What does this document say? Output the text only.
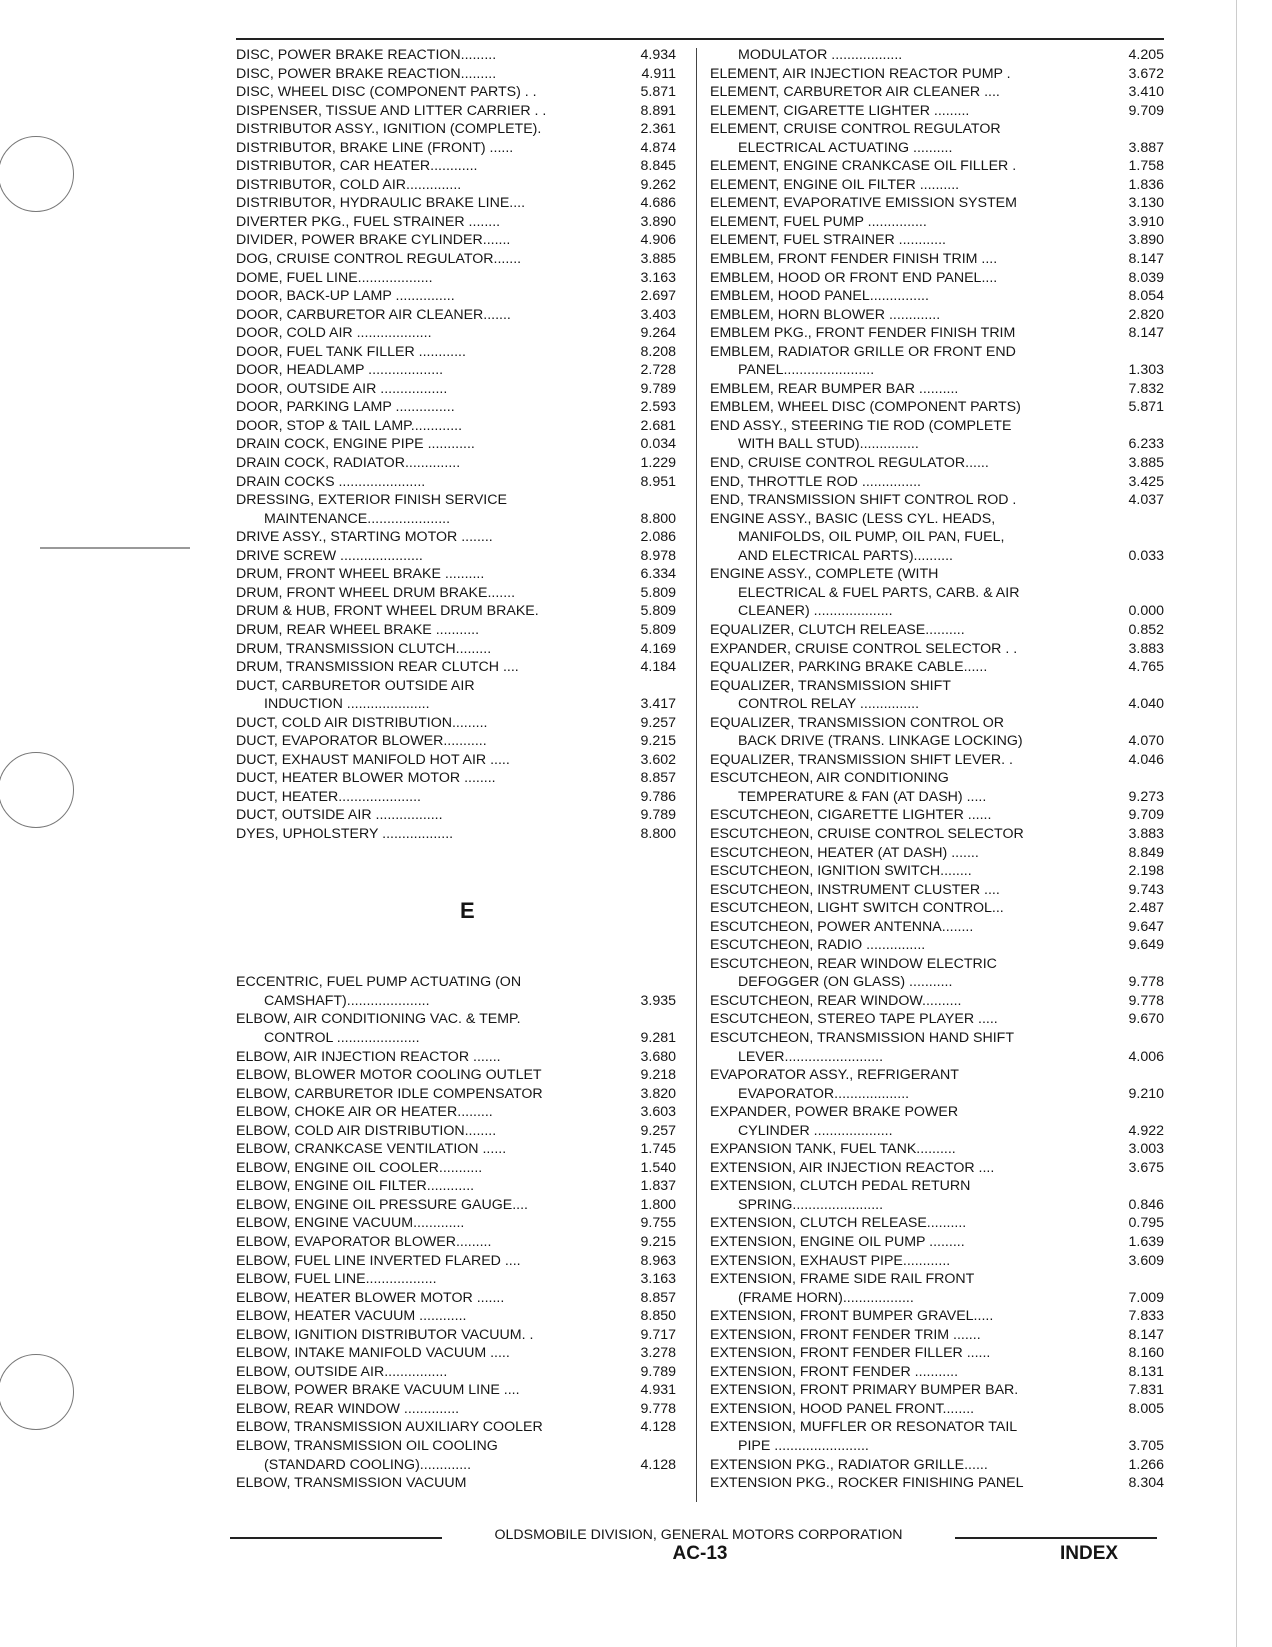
DISC, POWER BRAKE REACTION.........	4.934
DISC, POWER BRAKE REACTION.........	4.911
DISC, WHEEL DISC (COMPONENT PARTS) . .	5.871
DISPENSER, TISSUE AND LITTER CARRIER . .	8.891
DISTRIBUTOR ASSY., IGNITION (COMPLETE).	2.361
DISTRIBUTOR, BRAKE LINE (FRONT) ......	4.874
DISTRIBUTOR, CAR HEATER............	8.845
DISTRIBUTOR, COLD AIR..............	9.262
DISTRIBUTOR, HYDRAULIC BRAKE LINE....	4.686
DIVERTER PKG., FUEL STRAINER ........	3.890
DIVIDER, POWER BRAKE CYLINDER.......	4.906
DOG, CRUISE CONTROL REGULATOR.......	3.885
DOME, FUEL LINE...................	3.163
DOOR, BACK-UP LAMP ...............	2.697
DOOR, CARBURETOR AIR CLEANER.......	3.403
DOOR, COLD AIR ...................	9.264
DOOR, FUEL TANK FILLER ............	8.208
DOOR, HEADLAMP ...................	2.728
DOOR, OUTSIDE AIR .................	9.789
DOOR, PARKING LAMP ...............	2.593
DOOR, STOP & TAIL LAMP.............	2.681
DRAIN COCK, ENGINE PIPE ............	0.034
DRAIN COCK, RADIATOR..............	1.229
DRAIN COCKS ......................	8.951
DRESSING, EXTERIOR FINISH SERVICE
MAINTENANCE.....................	8.800
DRIVE ASSY., STARTING MOTOR ........	2.086
DRIVE SCREW .....................	8.978
DRUM, FRONT WHEEL BRAKE ..........	6.334
DRUM, FRONT WHEEL DRUM BRAKE.......	5.809
DRUM & HUB, FRONT WHEEL DRUM BRAKE.	5.809
DRUM, REAR WHEEL BRAKE ...........	5.809
DRUM, TRANSMISSION CLUTCH.........	4.169
DRUM, TRANSMISSION REAR CLUTCH ....	4.184
DUCT, CARBURETOR OUTSIDE AIR
INDUCTION .....................	3.417
DUCT, COLD AIR DISTRIBUTION.........	9.257
DUCT, EVAPORATOR BLOWER...........	9.215
DUCT, EXHAUST MANIFOLD HOT AIR .....	3.602
DUCT, HEATER BLOWER MOTOR ........	8.857
DUCT, HEATER.....................	9.786
DUCT, OUTSIDE AIR .................	9.789
DYES, UPHOLSTERY ..................	8.800
ECCENTRIC, FUEL PUMP ACTUATING (ON
CAMSHAFT).....................	3.935
ELBOW, AIR CONDITIONING VAC. & TEMP.
CONTROL .....................	9.281
ELBOW, AIR INJECTION REACTOR .......	3.680
ELBOW, BLOWER MOTOR COOLING OUTLET	9.218
ELBOW, CARBURETOR IDLE COMPENSATOR	3.820
ELBOW, CHOKE AIR OR HEATER.........	3.603
ELBOW, COLD AIR DISTRIBUTION........	9.257
ELBOW, CRANKCASE VENTILATION ......	1.745
ELBOW, ENGINE OIL COOLER...........	1.540
ELBOW, ENGINE OIL FILTER............	1.837
ELBOW, ENGINE OIL PRESSURE GAUGE....	1.800
ELBOW, ENGINE VACUUM.............	9.755
ELBOW, EVAPORATOR BLOWER.........	9.215
ELBOW, FUEL LINE INVERTED FLARED ....	8.963
ELBOW, FUEL LINE..................	3.163
ELBOW, HEATER BLOWER MOTOR .......	8.857
ELBOW, HEATER VACUUM ............	8.850
ELBOW, IGNITION DISTRIBUTOR VACUUM. .	9.717
ELBOW, INTAKE MANIFOLD VACUUM .....	3.278
ELBOW, OUTSIDE AIR................	9.789
ELBOW, POWER BRAKE VACUUM LINE ....	4.931
ELBOW, REAR WINDOW ..............	9.778
ELBOW, TRANSMISSION AUXILIARY COOLER	4.128
ELBOW, TRANSMISSION OIL COOLING
(STANDARD COOLING).............	4.128
ELBOW, TRANSMISSION VACUUM
MODULATOR ..................	4.205
ELEMENT, AIR INJECTION REACTOR PUMP .	3.672
ELEMENT, CARBURETOR AIR CLEANER ....	3.410
ELEMENT, CIGARETTE LIGHTER .........	9.709
ELEMENT, CRUISE CONTROL REGULATOR
ELECTRICAL ACTUATING ..........	3.887
ELEMENT, ENGINE CRANKCASE OIL FILLER .	1.758
ELEMENT, ENGINE OIL FILTER ..........	1.836
ELEMENT, EVAPORATIVE EMISSION SYSTEM	3.130
ELEMENT, FUEL PUMP ...............	3.910
ELEMENT, FUEL STRAINER ............	3.890
EMBLEM, FRONT FENDER FINISH TRIM ....	8.147
EMBLEM, HOOD OR FRONT END PANEL....	8.039
EMBLEM, HOOD PANEL...............	8.054
EMBLEM, HORN BLOWER .............	2.820
EMBLEM PKG., FRONT FENDER FINISH TRIM	8.147
EMBLEM, RADIATOR GRILLE OR FRONT END
PANEL.......................	1.303
EMBLEM, REAR BUMPER BAR ..........	7.832
EMBLEM, WHEEL DISC (COMPONENT PARTS)	5.871
END ASSY., STEERING TIE ROD (COMPLETE
WITH BALL STUD)...............	6.233
END, CRUISE CONTROL REGULATOR......	3.885
END, THROTTLE ROD ...............	3.425
END, TRANSMISSION SHIFT CONTROL ROD .	4.037
ENGINE ASSY., BASIC (LESS CYL. HEADS,
MANIFOLDS, OIL PUMP, OIL PAN, FUEL,
AND ELECTRICAL PARTS)..........	0.033
ENGINE ASSY., COMPLETE (WITH
ELECTRICAL & FUEL PARTS, CARB. & AIR
CLEANER) ....................	0.000
EQUALIZER, CLUTCH RELEASE..........	0.852
EXPANDER, CRUISE CONTROL SELECTOR . .	3.883
EQUALIZER, PARKING BRAKE CABLE......	4.765
EQUALIZER, TRANSMISSION SHIFT
CONTROL RELAY ...............	4.040
EQUALIZER, TRANSMISSION CONTROL OR
BACK DRIVE (TRANS. LINKAGE LOCKING)	4.070
EQUALIZER, TRANSMISSION SHIFT LEVER. .	4.046
ESCUTCHEON, AIR CONDITIONING
TEMPERATURE & FAN (AT DASH) .....	9.273
ESCUTCHEON, CIGARETTE LIGHTER ......	9.709
ESCUTCHEON, CRUISE CONTROL SELECTOR	3.883
ESCUTCHEON, HEATER (AT DASH) .......	8.849
ESCUTCHEON, IGNITION SWITCH........	2.198
ESCUTCHEON, INSTRUMENT CLUSTER ....	9.743
ESCUTCHEON, LIGHT SWITCH CONTROL...	2.487
ESCUTCHEON, POWER ANTENNA........	9.647
ESCUTCHEON, RADIO ...............	9.649
ESCUTCHEON, REAR WINDOW ELECTRIC
DEFOGGER (ON GLASS) ...........	9.778
ESCUTCHEON, REAR WINDOW..........	9.778
ESCUTCHEON, STEREO TAPE PLAYER .....	9.670
ESCUTCHEON, TRANSMISSION HAND SHIFT
LEVER.........................	4.006
EVAPORATOR ASSY., REFRIGERANT
EVAPORATOR...................	9.210
EXPANDER, POWER BRAKE POWER
CYLINDER ....................	4.922
EXPANSION TANK, FUEL TANK..........	3.003
EXTENSION, AIR INJECTION REACTOR ....	3.675
EXTENSION, CLUTCH PEDAL RETURN
SPRING.......................	0.846
EXTENSION, CLUTCH RELEASE..........	0.795
EXTENSION, ENGINE OIL PUMP .........	1.639
EXTENSION, EXHAUST PIPE............	3.609
EXTENSION, FRAME SIDE RAIL FRONT
(FRAME HORN)..................	7.009
EXTENSION, FRONT BUMPER GRAVEL.....	7.833
EXTENSION, FRONT FENDER TRIM .......	8.147
EXTENSION, FRONT FENDER FILLER ......	8.160
EXTENSION, FRONT FENDER ...........	8.131
EXTENSION, FRONT PRIMARY BUMPER BAR.	7.831
EXTENSION, HOOD PANEL FRONT........	8.005
EXTENSION, MUFFLER OR RESONATOR TAIL
PIPE ........................	3.705
EXTENSION PKG., RADIATOR GRILLE......	1.266
EXTENSION PKG., ROCKER FINISHING PANEL	8.304
E
OLDSMOBILE DIVISION, GENERAL MOTORS CORPORATION
AC-13	INDEX
